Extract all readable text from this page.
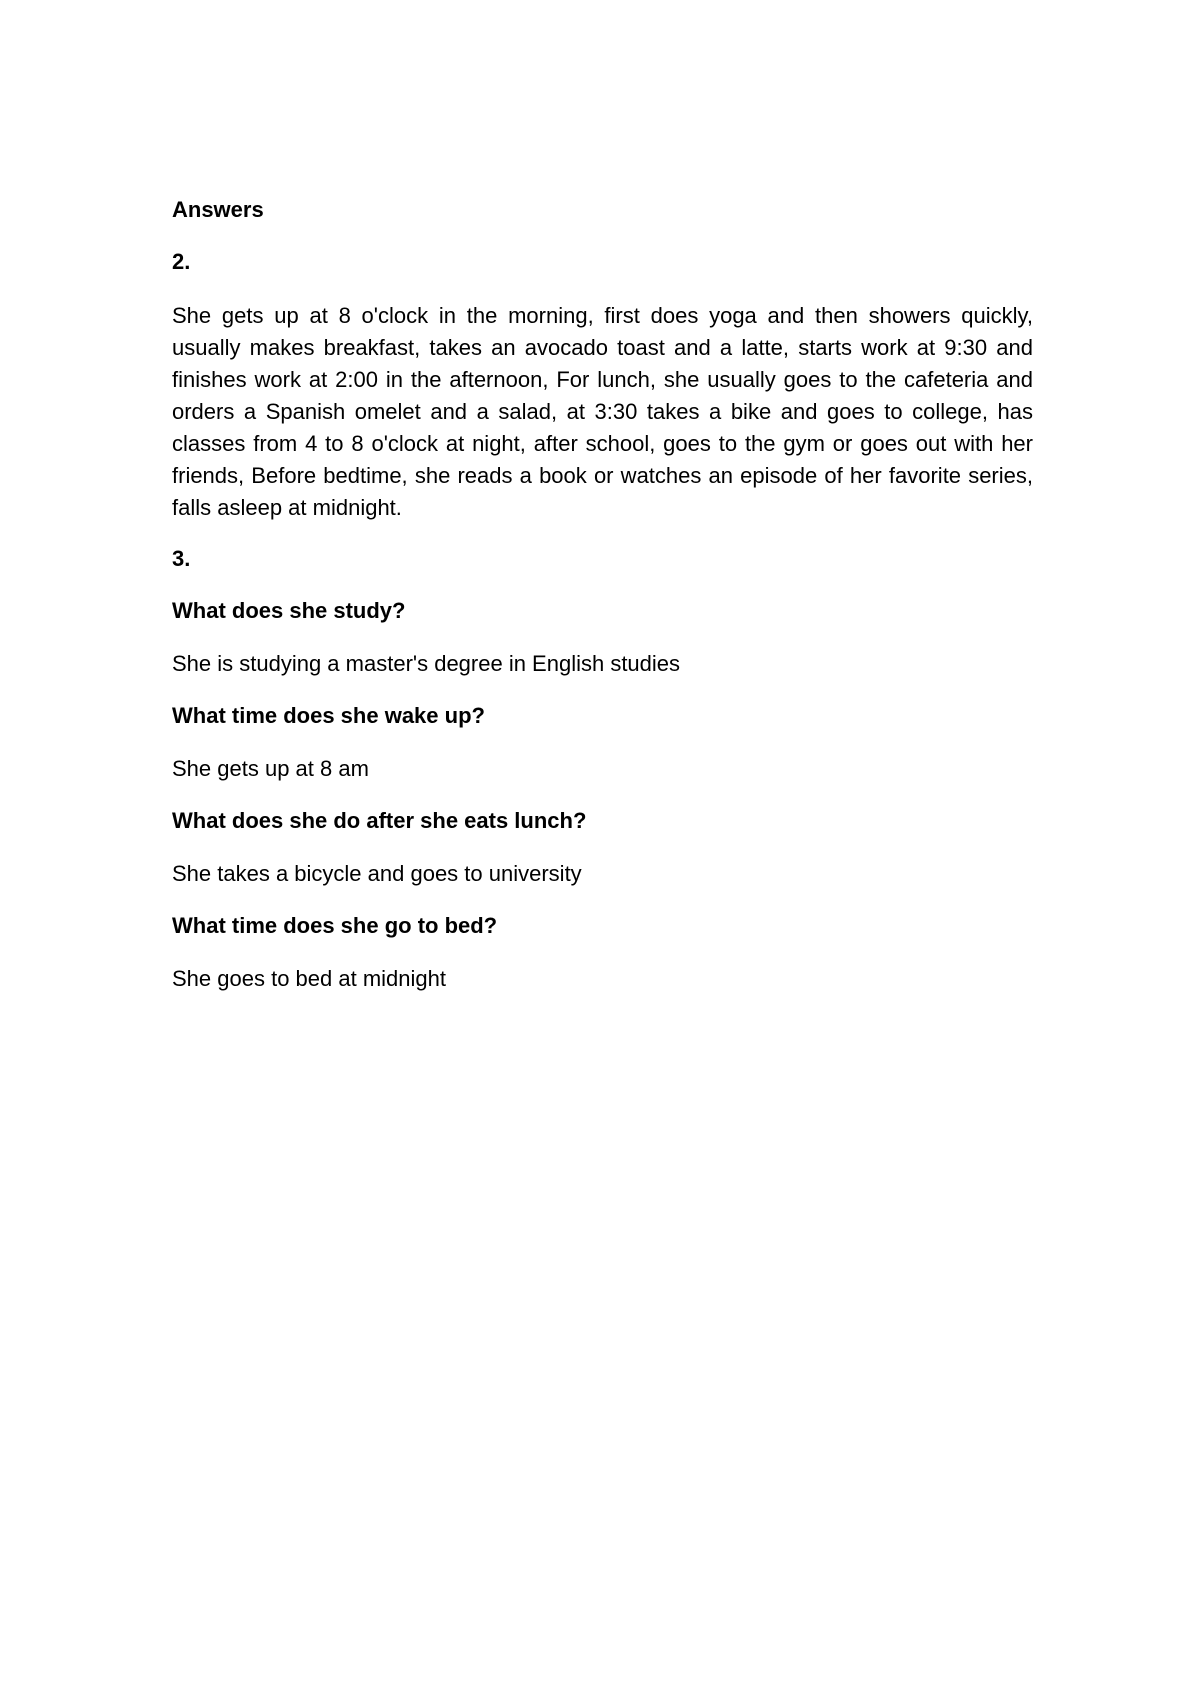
Answers
2.
She gets up at 8 o'clock in the morning, first does yoga and then showers quickly, usually makes breakfast, takes an avocado toast and a latte, starts work at 9:30 and finishes work at 2:00 in the afternoon, For lunch, she usually goes to the cafeteria and orders a Spanish omelet and a salad, at 3:30 takes a bike and goes to college, has classes from 4 to 8 o'clock at night, after school, goes to the gym or goes out with her friends, Before bedtime, she reads a book or watches an episode of her favorite series, falls asleep at midnight.
3.
What does she study?
She is studying a master's degree in English studies
What time does she wake up?
She gets up at 8 am
What does she do after she eats lunch?
She takes a bicycle and goes to university
What time does she go to bed?
She goes to bed at midnight
